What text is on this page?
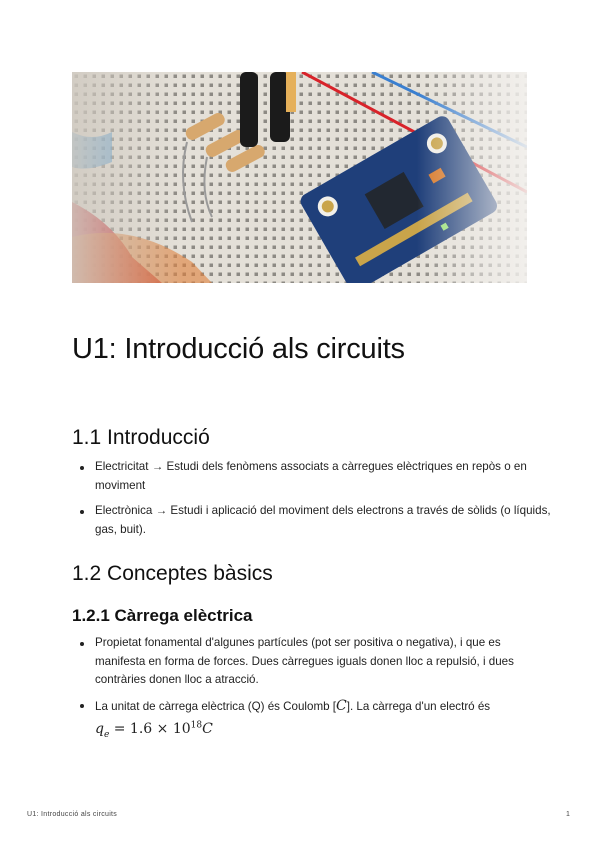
U1: Introducció als circuits
1.1 Introducció
Electricitat → Estudi dels fenòmens associats a càrregues elèctriques en repòs o en moviment
Electrònica → Estudi i aplicació del moviment dels electrons a través de sòlids (o líquids, gas, buit).
1.2 Conceptes bàsics
1.2.1 Càrrega elèctrica
Propietat fonamental d'algunes partícules (pot ser positiva o negativa), i que es manifesta en forma de forces. Dues càrregues iguals donen lloc a repulsió, i dues contràries donen lloc a atracció.
La unitat de càrrega elèctrica (Q) és Coulomb [C]. La càrrega d'un electró és
$q_e = 1.6 \times 10^{18}C$
U1: Introducció als circuits	1
